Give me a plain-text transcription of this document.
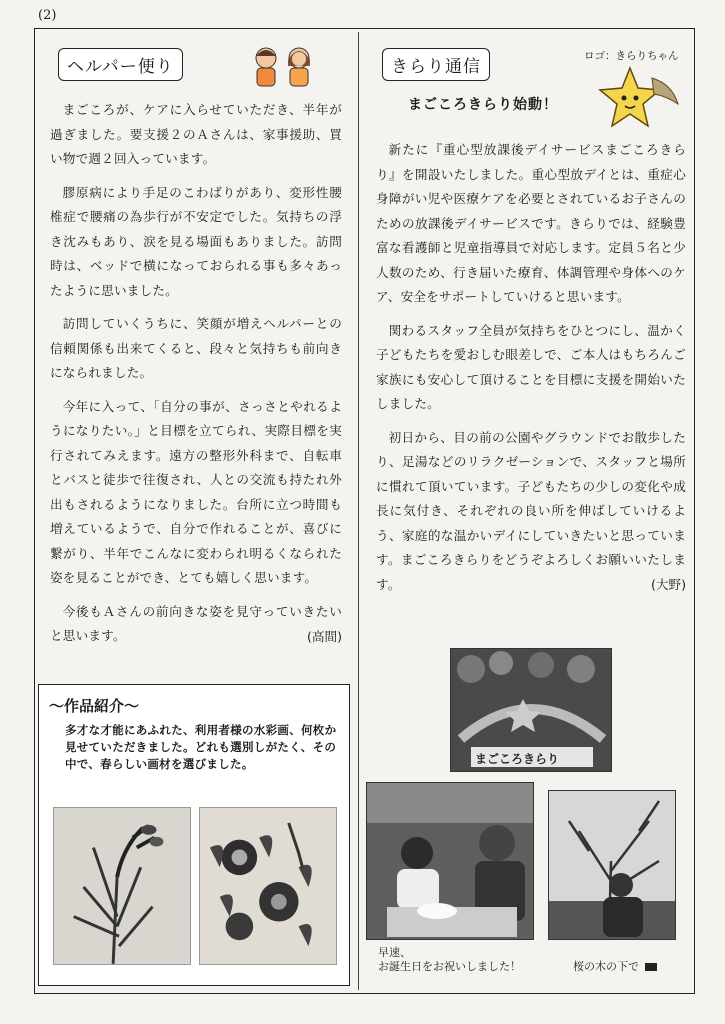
(2)
ヘルパー便り

まごころが、ケアに入らせていただき、半年が過ぎました。要支援２のＡさんは、家事援助、買い物で週２回入っています。

膠原病により手足のこわばりがあり、変形性腰椎症で腰痛の為歩行が不安定でした。気持ちの浮き沈みもあり、涙を見る場面もありました。訪問時は、ベッドで横になっておられる事も多々あったように思いました。

訪問していくうちに、笑顔が増えヘルパーとの信頼関係も出来てくると、段々と気持ちも前向きになられました。

今年に入って、「自分の事が、さっさとやれるようになりたい。」と目標を立てられ、実際目標を実行されてみえます。遠方の整形外科まで、自転車とバスと徒歩で往復され、人との交流も持たれ外出もされるようになりました。台所に立つ時間も増えているようで、自分で作れることが、喜びに繋がり、半年でこんなに変わられ明るくなられた姿を見ることができ、とても嬉しく思います。

今後もＡさんの前向きな姿を見守っていきたいと思います。	(高間)
〜作品紹介〜
多才な才能にあふれた、利用者様の水彩画、何枚か見せていただきました。どれも選別しがたく、その中で、春らしい画材を選びました。
きらり通信
ロゴ：きらりちゃん
まごころきらり始動！

新たに『重心型放課後デイサービスまごころきらり』を開設いたしました。重心型放デイとは、重症心身障がい児や医療ケアを必要とされているお子さんのための放課後デイサービスです。きらりでは、経験豊富な看護師と児童指導員で対応します。定員５名と少人数のため、行き届いた療育、体調管理や身体へのケア、安全をサポートしていけると思います。

関わるスタッフ全員が気持ちをひとつにし、温かく子どもたちを愛おしむ眼差しで、ご本人はもちろんご家族にも安心して頂けることを目標に支援を開始いたしました。

初日から、目の前の公園やグラウンドでお散歩したり、足湯などのリラクゼーションで、スタッフと場所に慣れて頂いています。子どもたちの少しの変化や成長に気付き、それぞれの良い所を伸ばしていけるよう、家庭的な温かいデイにしていきたいと思っています。まごころきらりをどうぞよろしくお願いいたします。	(大野)
まごころきらり
早速、
お誕生日をお祝いしました！	桜の木の下で
